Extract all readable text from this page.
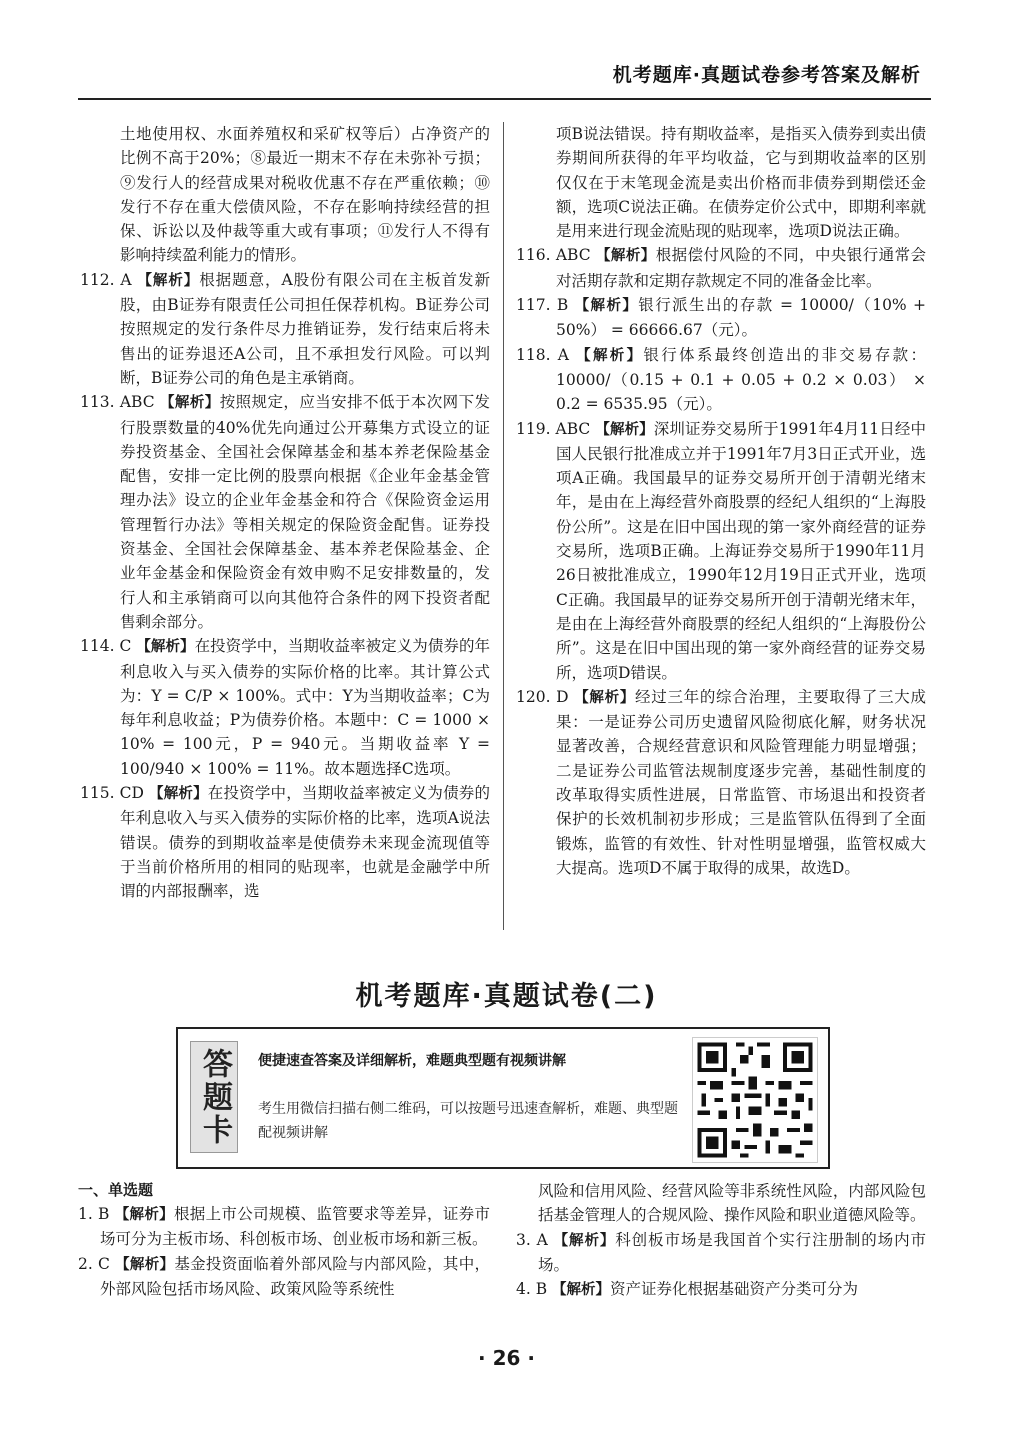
机考题库·真题试卷参考答案及解析

土地使用权、水面养殖权和采矿权等后）占净资产的比例不高于20%；⑧最近一期末不存在未弥补亏损；⑨发行人的经营成果对税收优惠不存在严重依赖；⑩发行不存在重大偿债风险，不存在影响持续经营的担保、诉讼以及仲裁等重大或有事项；⑪发行人不得有影响持续盈利能力的情形。

112. A 【解析】根据题意，A股份有限公司在主板首发新股，由B证券有限责任公司担任保荐机构。B证券公司按照规定的发行条件尽力推销证券，发行结束后将未售出的证券退还A公司，且不承担发行风险。可以判断，B证券公司的角色是主承销商。

113. ABC 【解析】按照规定，应当安排不低于本次网下发行股票数量的40%优先向通过公开募集方式设立的证券投资基金、全国社会保障基金和基本养老保险基金配售，安排一定比例的股票向根据《企业年金基金管理办法》设立的企业年金基金和符合《保险资金运用管理暂行办法》等相关规定的保险资金配售。证券投资基金、全国社会保障基金、基本养老保险基金、企业年金基金和保险资金有效申购不足安排数量的，发行人和主承销商可以向其他符合条件的网下投资者配售剩余部分。

114. C 【解析】在投资学中，当期收益率被定义为债券的年利息收入与买入债券的实际价格的比率。其计算公式为：Y = C/P × 100%。式中：Y为当期收益率；C为每年利息收益；P为债券价格。本题中：C = 1000 × 10% = 100元，P = 940元。当期收益率 Y = 100/940 × 100% = 11%。故本题选择C选项。

115. CD 【解析】在投资学中，当期收益率被定义为债券的年利息收入与买入债券的实际价格的比率，选项A说法错误。债券的到期收益率是使债券未来现金流现值等于当前价格所用的相同的贴现率，也就是金融学中所谓的内部报酬率，选

项B说法错误。持有期收益率，是指买入债券到卖出债券期间所获得的年平均收益，它与到期收益率的区别仅仅在于末笔现金流是卖出价格而非债券到期偿还金额，选项C说法正确。在债券定价公式中，即期利率就是用来进行现金流贴现的贴现率，选项D说法正确。

116. ABC 【解析】根据偿付风险的不同，中央银行通常会对活期存款和定期存款规定不同的准备金比率。

117. B 【解析】银行派生出的存款 = 10000/（10% + 50%） = 66666.67（元）。

118. A 【解析】银行体系最终创造出的非交易存款：10000/（0.15 + 0.1 + 0.05 + 0.2 × 0.03） × 0.2 = 6535.95（元）。

119. ABC 【解析】深圳证券交易所于1991年4月11日经中国人民银行批准成立并于1991年7月3日正式开业，选项A正确。我国最早的证券交易所开创于清朝光绪末年，是由在上海经营外商股票的经纪人组织的“上海股份公所”。这是在旧中国出现的第一家外商经营的证券交易所，选项B正确。上海证券交易所于1990年11月26日被批准成立，1990年12月19日正式开业，选项C正确。我国最早的证券交易所开创于清朝光绪末年，是由在上海经营外商股票的经纪人组织的“上海股份公所”。这是在旧中国出现的第一家外商经营的证券交易所，选项D错误。

120. D 【解析】经过三年的综合治理，主要取得了三大成果：一是证券公司历史遗留风险彻底化解，财务状况显著改善，合规经营意识和风险管理能力明显增强；二是证券公司监管法规制度逐步完善，基础性制度的改革取得实质性进展，日常监管、市场退出和投资者保护的长效机制初步形成；三是监管队伍得到了全面锻炼，监管的有效性、针对性明显增强，监管权威大大提高。选项D不属于取得的成果，故选D。

机考题库·真题试卷(二)
答题卡 便捷速查答案及详细解析，难题典型题有视频讲解
考生用微信扫描右侧二维码，可以按题号迅速查解析，难题、典型题配视频讲解
一、单选题

1. B 【解析】根据上市公司规模、监管要求等差异，证券市场可分为主板市场、科创板市场、创业板市场和新三板。

2. C 【解析】基金投资面临着外部风险与内部风险，其中，外部风险包括市场风险、政策风险等系统性

风险和信用风险、经营风险等非系统性风险，内部风险包括基金管理人的合规风险、操作风险和职业道德风险等。

3. A 【解析】科创板市场是我国首个实行注册制的场内市场。

4. B 【解析】资产证券化根据基础资产分类可分为

· 26 ·
